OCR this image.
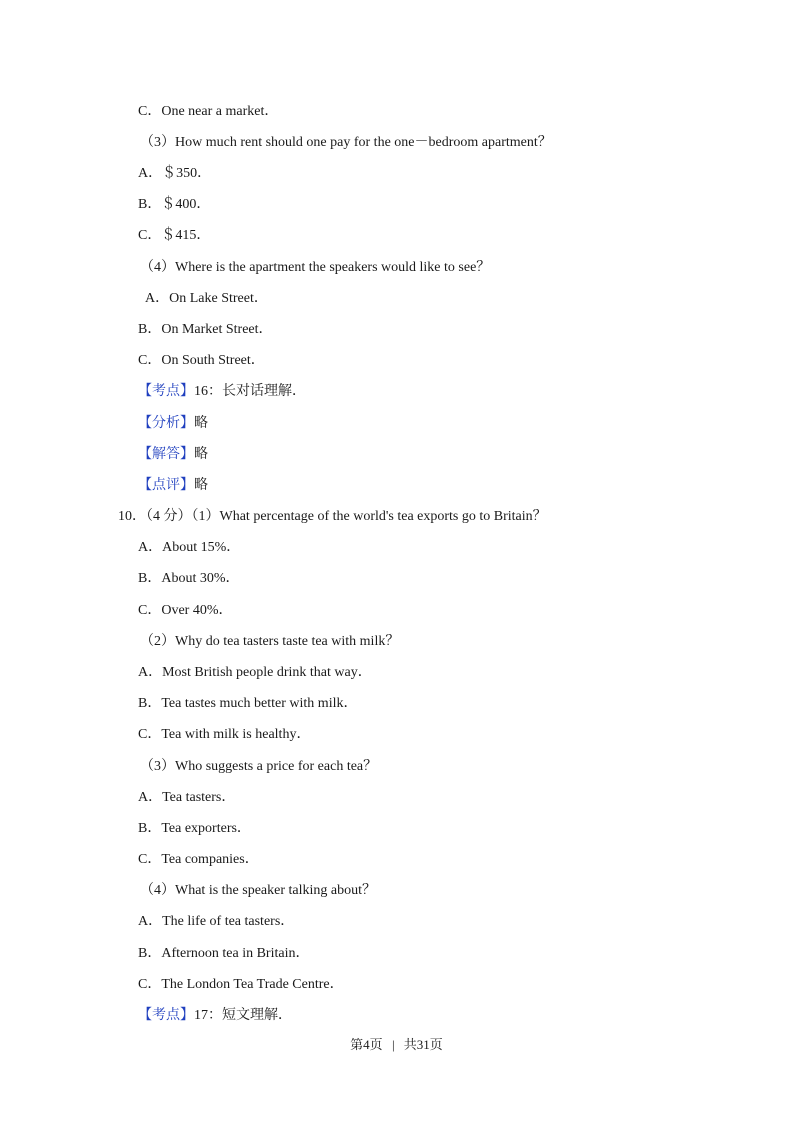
C．One near a market．
（3）How much rent should one pay for the one－bedroom apartment？
A．＄350．
B．＄400．
C．＄415．
（4）Where is the apartment the speakers would like to see？
A．On Lake Street．
B．On Market Street．
C．On South Street．
【考点】16：长对话理解．
【分析】略
【解答】略
【点评】略
10．（4 分）（1）What percentage of the world's tea exports go to Britain？
A．About 15%．
B．About 30%．
C．Over 40%．
（2）Why do tea tasters taste tea with milk？
A．Most British people drink that way．
B．Tea tastes much better with milk．
C．Tea with milk is healthy．
（3）Who suggests a price for each tea？
A．Tea tasters．
B．Tea exporters．
C．Tea companies．
（4）What is the speaker talking about？
A．The life of tea tasters．
B．Afternoon tea in Britain．
C．The London Tea Trade Centre．
【考点】17：短文理解．
第4页 | 共31页
